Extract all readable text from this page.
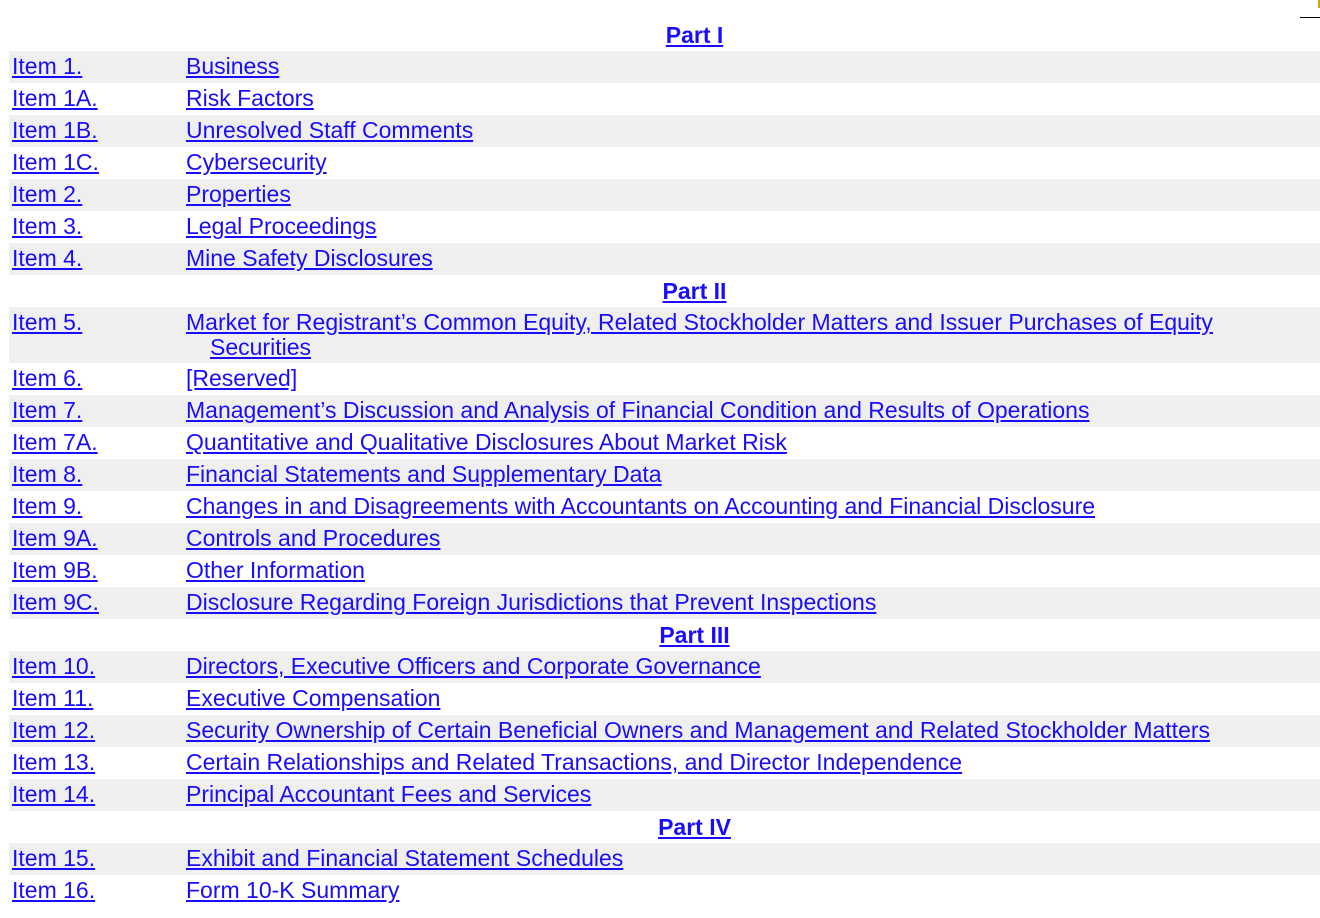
Part I
Item 1.	Business
Item 1A.	Risk Factors
Item 1B.	Unresolved Staff Comments
Item 1C.	Cybersecurity
Item 2.	Properties
Item 3.	Legal Proceedings
Item 4.	Mine Safety Disclosures
Part II
Item 5.	Market for Registrant’s Common Equity, Related Stockholder Matters and Issuer Purchases of Equity Securities
Item 6.	[Reserved]
Item 7.	Management’s Discussion and Analysis of Financial Condition and Results of Operations
Item 7A.	Quantitative and Qualitative Disclosures About Market Risk
Item 8.	Financial Statements and Supplementary Data
Item 9.	Changes in and Disagreements with Accountants on Accounting and Financial Disclosure
Item 9A.	Controls and Procedures
Item 9B.	Other Information
Item 9C.	Disclosure Regarding Foreign Jurisdictions that Prevent Inspections
Part III
Item 10.	Directors, Executive Officers and Corporate Governance
Item 11.	Executive Compensation
Item 12.	Security Ownership of Certain Beneficial Owners and Management and Related Stockholder Matters
Item 13.	Certain Relationships and Related Transactions, and Director Independence
Item 14.	Principal Accountant Fees and Services
Part IV
Item 15.	Exhibit and Financial Statement Schedules
Item 16.	Form 10-K Summary
